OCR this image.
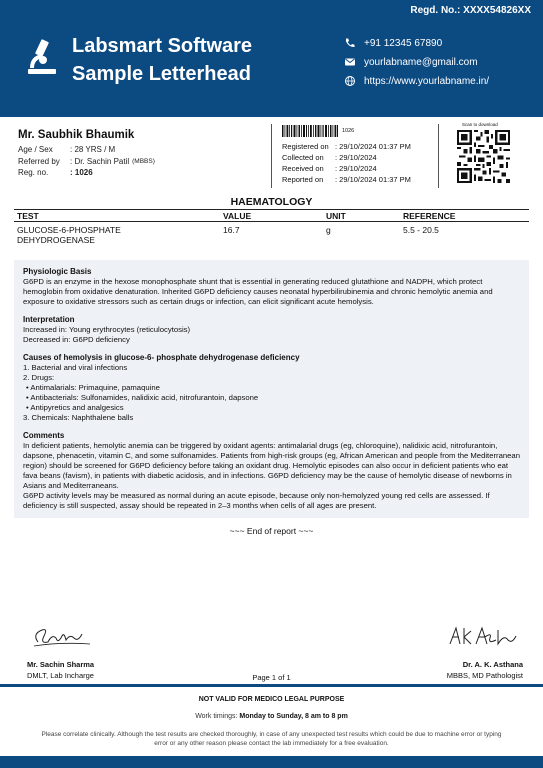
Regd. No.: XXXX54826XX
Labsmart Software
Sample Letterhead
+91 12345 67890
yourlabname@gmail.com
https://www.yourlabname.in/
Mr. Saubhik Bhaumik
Age / Sex	: 28 YRS / M
Referred by	: Dr. Sachin Patil (MBBS)
Reg. no.	: 1026
1026
Registered on : 29/10/2024 01:37 PM
Collected on	: 29/10/2024
Received on	: 29/10/2024
Reported on	: 29/10/2024 01:37 PM
Scan to download
HAEMATOLOGY
TEST	VALUE	UNIT	REFERENCE
GLUCOSE-6-PHOSPHATE
DEHYDROGENASE
16.7	g	5.5 - 20.5
Physiologic Basis
G6PD is an enzyme in the hexose monophosphate shunt that is essential in generating reduced glutathione and NADPH, which protect hemoglobin from oxidative denaturation. Inherited G6PD deficiency causes neonatal hyperbilirubinemia and chronic hemolytic anemia and exposure to oxidative stressors such as certain drugs or infection, can elicit significant acute hemolysis.
Interpretation
Increased in: Young erythrocytes (reticulocytosis)
Decreased in: G6PD deficiency
Causes of hemolysis in glucose-6- phosphate dehydrogenase deficiency
1. Bacterial and viral infections
2. Drugs:
• Antimalarials: Primaquine, pamaquine
• Antibacterials: Sulfonamides, nalidixic acid, nitrofurantoin, dapsone
• Antipyretics and analgesics
3. Chemicals: Naphthalene balls
Comments
In deficient patients, hemolytic anemia can be triggered by oxidant agents: antimalarial drugs (eg, chloroquine), nalidixic acid, nitrofurantoin, dapsone, phenacetin, vitamin C, and some sulfonamides. Patients from high-risk groups (eg, African American and people from the Mediterranean region) should be screened for G6PD deficiency before taking an oxidant drug. Hemolytic episodes can also occur in deficient patients who eat fava beans (favism), in patients with diabetic acidosis, and in infections. G6PD deficiency may be the cause of hemolytic disease of newborns in Asians and Mediterraneans.
G6PD activity levels may be measured as normal during an acute episode, because only non-hemolyzed young red cells are assessed. If deficiency is still suspected, assay should be repeated in 2–3 months when cells of all ages are present.
~~~ End of report ~~~
Mr. Sachin Sharma
DMLT, Lab Incharge	Page 1 of 1
Dr. A. K. Asthana
MBBS, MD Pathologist
NOT VALID FOR MEDICO LEGAL PURPOSE
Work timings: Monday to Sunday, 8 am to 8 pm
Please correlate clinically. Although the test results are checked thoroughly, in case of any unexpected test results which could be due to machine error or typing error or any other reason please contact the lab immediately for a free evaluation.
